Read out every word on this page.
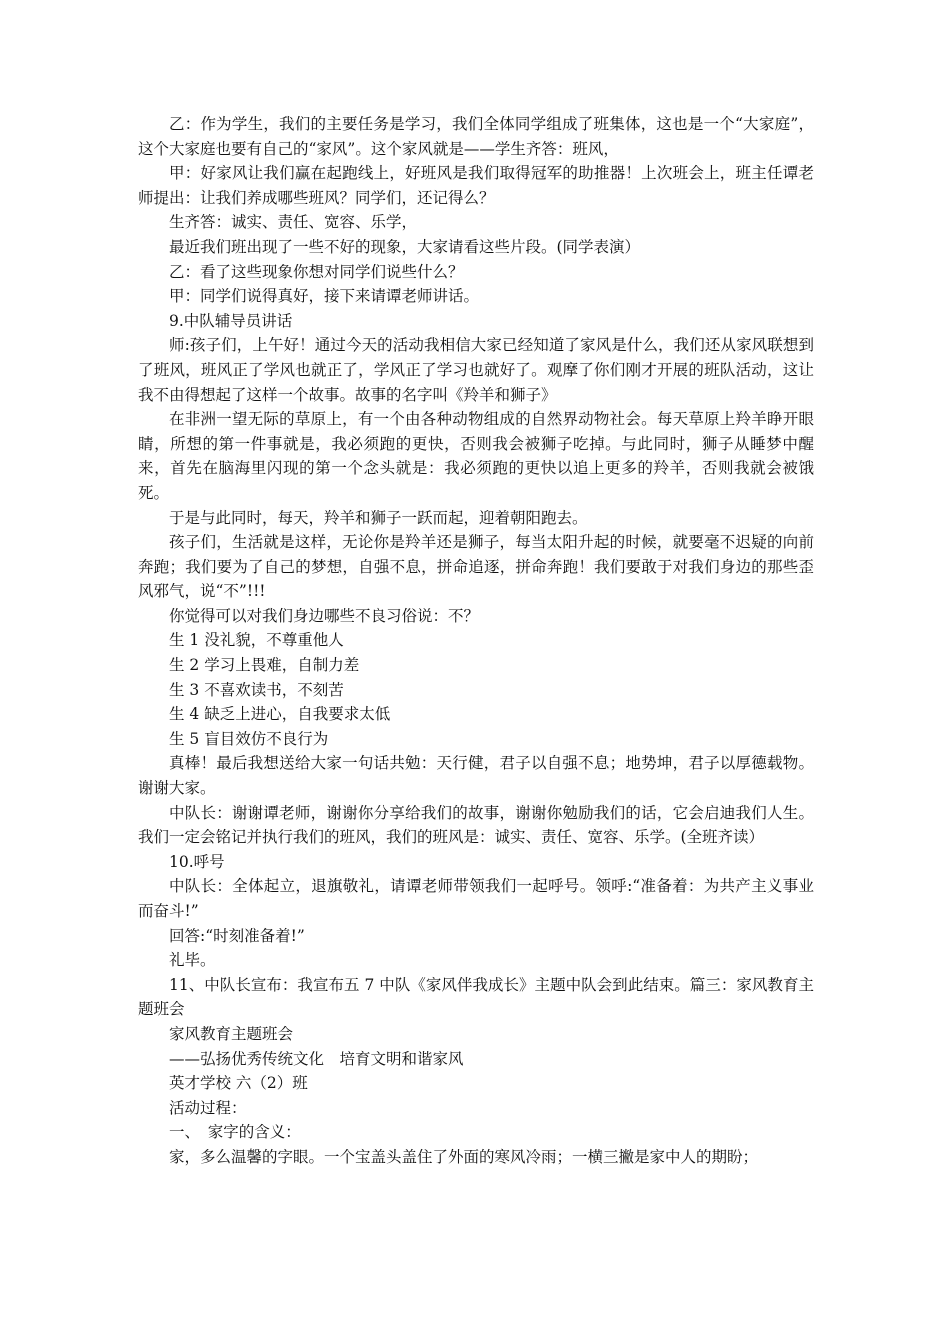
乙：作为学生，我们的主要任务是学习，我们全体同学组成了班集体，这也是一个“大家庭”，这个大家庭也要有自己的“家风”。这个家风就是——学生齐答：班风，

甲：好家风让我们赢在起跑线上，好班风是我们取得冠军的助推器！上次班会上，班主任谭老师提出：让我们养成哪些班风？同学们，还记得么？

生齐答：诚实、责任、宽容、乐学，

最近我们班出现了一些不好的现象，大家请看这些片段。(同学表演）

乙：看了这些现象你想对同学们说些什么？

甲：同学们说得真好，接下来请谭老师讲话。

9.中队辅导员讲话

师:孩子们，上午好！通过今天的活动我相信大家已经知道了家风是什么，我们还从家风联想到了班风，班风正了学风也就正了，学风正了学习也就好了。观摩了你们刚才开展的班队活动，这让我不由得想起了这样一个故事。故事的名字叫《羚羊和狮子》

在非洲一望无际的草原上，有一个由各种动物组成的自然界动物社会。每天草原上羚羊睁开眼睛，所想的第一件事就是，我必须跑的更快，否则我会被狮子吃掉。与此同时，狮子从睡梦中醒来，首先在脑海里闪现的第一个念头就是：我必须跑的更快以追上更多的羚羊，否则我就会被饿死。

于是与此同时，每天，羚羊和狮子一跃而起，迎着朝阳跑去。

孩子们，生活就是这样，无论你是羚羊还是狮子，每当太阳升起的时候，就要毫不迟疑的向前奔跑；我们要为了自己的梦想，自强不息，拼命追逐，拼命奔跑！我们要敢于对我们身边的那些歪风邪气，说“不”!!!

你觉得可以对我们身边哪些不良习俗说：不？

生 1 没礼貌，不尊重他人

生 2 学习上畏难，自制力差

生 3 不喜欢读书，不刻苦

生 4 缺乏上进心，自我要求太低

生 5 盲目效仿不良行为

真棒！最后我想送给大家一句话共勉：天行健，君子以自强不息；地势坤，君子以厚德载物。谢谢大家。

中队长：谢谢谭老师，谢谢你分享给我们的故事，谢谢你勉励我们的话，它会启迪我们人生。我们一定会铭记并执行我们的班风，我们的班风是：诚实、责任、宽容、乐学。(全班齐读）

10.呼号

中队长：全体起立，退旗敬礼，请谭老师带领我们一起呼号。领呼:“准备着：为共产主义事业而奋斗!”

回答:“时刻准备着!”

礼毕。

11、中队长宣布：我宣布五 7 中队《家风伴我成长》主题中队会到此结束。篇三：家风教育主题班会

家风教育主题班会

——弘扬优秀传统文化　培育文明和谐家风

英才学校 六（2）班

活动过程：

一、　家字的含义：

家，多么温馨的字眼。一个宝盖头盖住了外面的寒风冷雨；一横三撇是家中人的期盼；
